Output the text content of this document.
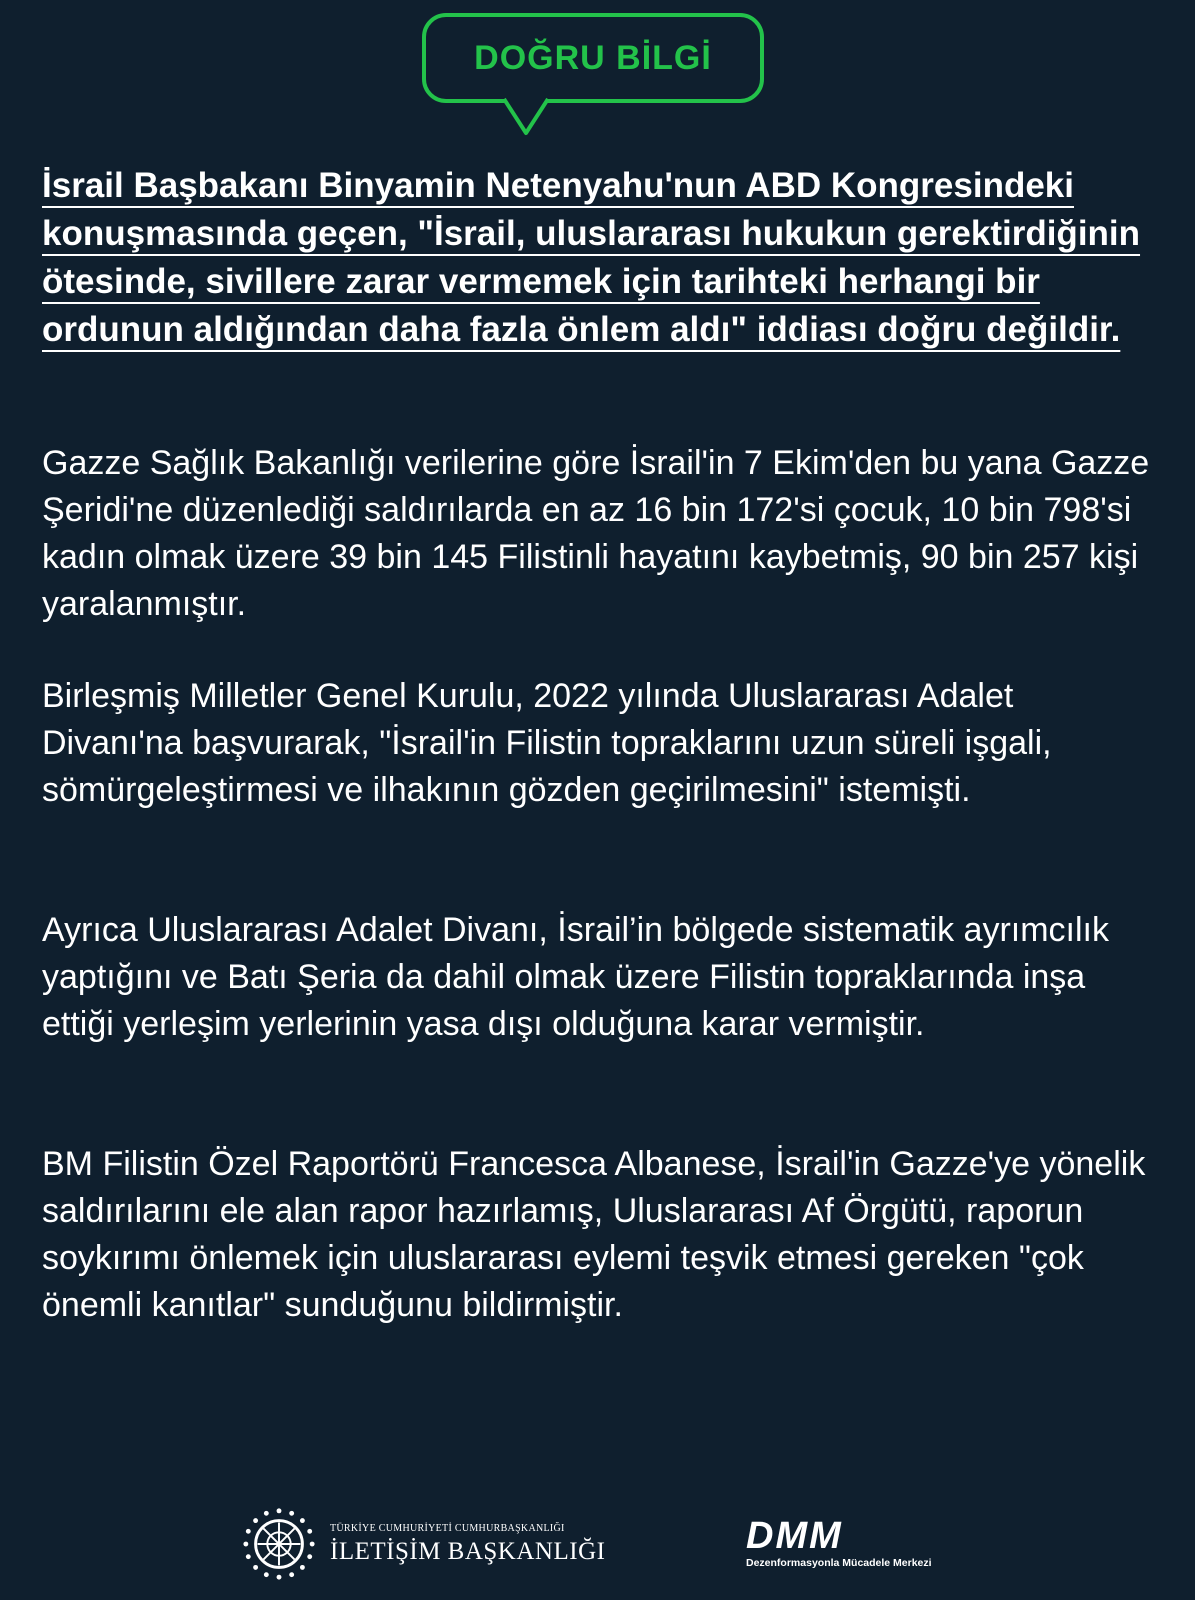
DOĞRU BİLGİ
İsrail Başbakanı Binyamin Netenyahu'nun ABD Kongresindeki konuşmasında geçen, "İsrail, uluslararası hukukun gerektirdiğinin ötesinde, sivillere zarar vermemek için tarihteki herhangi bir ordunun aldığından daha fazla önlem aldı" iddiası doğru değildir.

Gazze Sağlık Bakanlığı verilerine göre İsrail'in 7 Ekim'den bu yana Gazze Şeridi'ne düzenlediği saldırılarda en az 16 bin 172'si çocuk, 10 bin 798'si kadın olmak üzere 39 bin 145 Filistinli hayatını kaybetmiş, 90 bin 257 kişi yaralanmıştır.

Birleşmiş Milletler Genel Kurulu, 2022 yılında Uluslararası Adalet Divanı'na başvurarak, "İsrail'in Filistin topraklarını uzun süreli işgali, sömürgeleştirmesi ve ilhakının gözden geçirilmesini" istemişti.

Ayrıca Uluslararası Adalet Divanı, İsrail’in bölgede sistematik ayrımcılık yaptığını ve Batı Şeria da dahil olmak üzere Filistin topraklarında inşa ettiği yerleşim yerlerinin yasa dışı olduğuna karar vermiştir.

BM Filistin Özel Raportörü Francesca Albanese, İsrail'in Gazze'ye yönelik saldırılarını ele alan rapor hazırlamış, Uluslararası Af Örgütü, raporun soykırımı önlemek için uluslararası eylemi teşvik etmesi gereken "çok önemli kanıtlar" sunduğunu bildirmiştir.

TÜRKİYE CUMHURİYETİ CUMHURBAŞKANLIĞI
İLETİŞİM BAŞKANLIĞI	DMM
Dezenformasyonla Mücadele Merkezi
